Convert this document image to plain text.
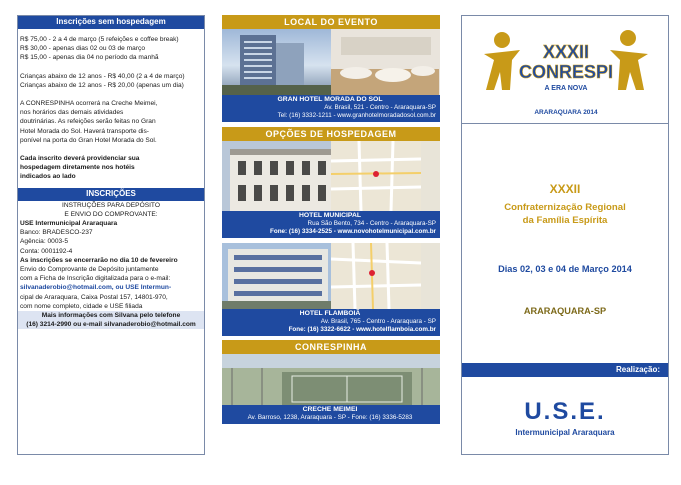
Inscrições sem hospedagem
R$ 75,00 - 2 a 4 de março (5 refeições e coffee break)
R$ 30,00 - apenas dias 02 ou 03 de março
R$ 15,00 - apenas dia 04 no período da manhã
Crianças abaixo de 12 anos - R$ 40,00 (2 a 4 de março)
Crianças abaixo de 12 anos - R$ 20,00 (apenas um dia)
A CONRESPINHA ocorrerá na Creche Meimei,
nos horários das demais atividades
doutrinárias. As refeições serão feitas no Gran
Hotel Morada do Sol. Haverá transporte dis-
ponível na porta do Gran Hotel Morada do Sol.
Cada inscrito deverá providenciar sua
hospedagem diretamente nos hotéis
indicados ao lado
INSCRIÇÕES
INSTRUÇÕES PARA DEPÓSITO
E ENVIO DO COMPROVANTE:
USE Intermunicipal Araraquara
Banco: BRADESCO-237
Agência: 0003-5
Conta: 0001192-4
As inscrições se encerrarão no dia 10 de fevereiro
Envio do Comprovante de Depósito juntamente
com a Ficha de Inscrição digitalizada para o e-mail:
silvanaderobio@hotmail.com, ou USE Intermun-
cipal de Araraquara, Caixa Postal 157, 14801-970,
com nome completo, cidade e USE filiada
Mais informações com Silvana pelo telefone
(16) 3214-2990 ou e-mail silvanaderobio@hotmail.com
LOCAL DO EVENTO
GRAN HOTEL MORADA DO SOL
Av. Brasil, 521 - Centro - Araraquara-SP
Tel: (16) 3332-1211 - www.granhotelmoradadosol.com.br
OPÇÕES DE HOSPEDAGEM
HOTEL MUNICIPAL
Rua São Bento, 734 - Centro - Araraquara-SP
Fone: (16) 3334-2525 - www.novohotelmunicipal.com.br
HOTEL FLAMBOIÃ
Av. Brasil, 765 - Centro - Araraquara - SP
Fone: (16) 3322-6622 - www.hotelflamboia.com.br
CONRESPINHA
CRECHE MEIMEI
Av. Barroso, 1238, Araraquara - SP - Fone: (16) 3336-5283
XXXII
CONRESPI
A ERA NOVA
ARARAQUARA 2014
XXXII
Confraternização Regional
da Família Espírita
Dias 02, 03 e 04 de Março 2014
ARARAQUARA-SP
Realização:
U.S.E.
Intermunicipal Araraquara
